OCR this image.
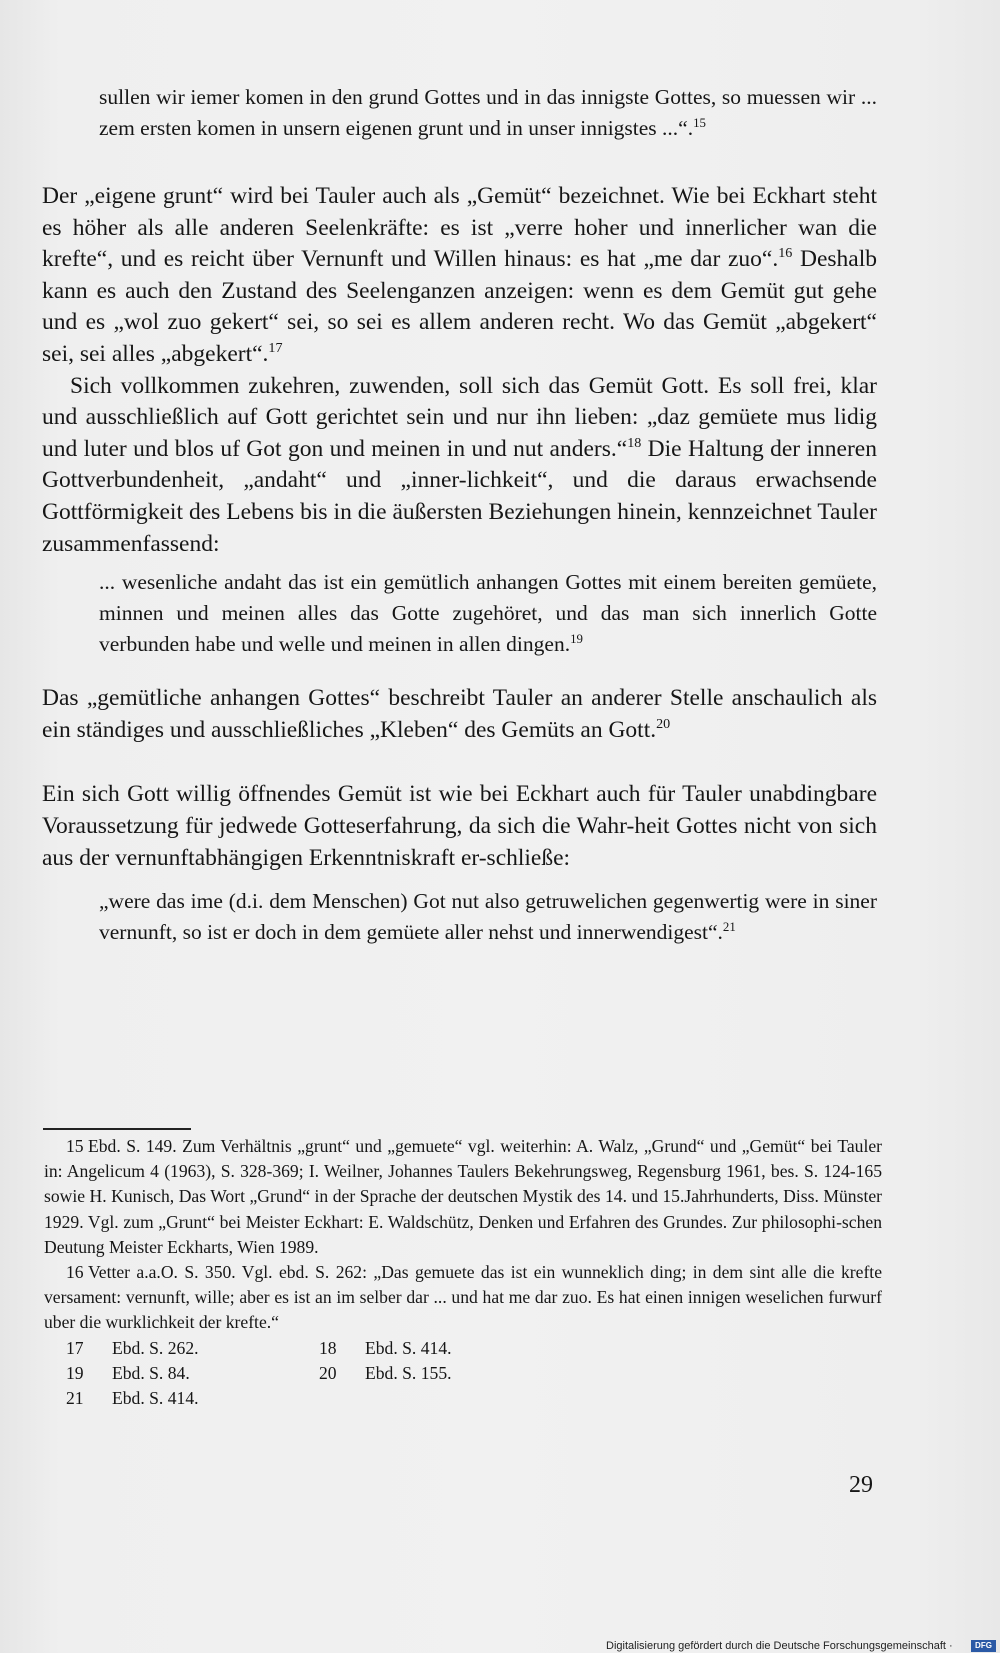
sullen wir iemer komen in den grund Gottes und in das innigste Gottes, so muessen wir ... zem ersten komen in unsern eigenen grunt und in unser innigstes ...“.$^{15}$

Der „eigene grunt“ wird bei Tauler auch als „Gemüt“ bezeichnet. Wie bei Eckhart steht es höher als alle anderen Seelenkräfte: es ist „verre hoher und innerlicher wan die krefte“, und es reicht über Vernunft und Willen hinaus: es hat „me dar zuo“.$^{16}$ Deshalb kann es auch den Zustand des Seelenganzen anzeigen: wenn es dem Gemüt gut gehe und es „wol zuo gekert“ sei, so sei es allem anderen recht. Wo das Gemüt „abgekert“ sei, sei alles „abgekert“.$^{17}$

Sich vollkommen zukehren, zuwenden, soll sich das Gemüt Gott. Es soll frei, klar und ausschließlich auf Gott gerichtet sein und nur ihn lieben: „daz gemüete mus lidig und luter und blos uf Got gon und meinen in und nut anders.“$^{18}$ Die Haltung der inneren Gottverbundenheit, „andaht“ und „inner-lichkeit“, und die daraus erwachsende Gottförmigkeit des Lebens bis in die äußersten Beziehungen hinein, kennzeichnet Tauler zusammenfassend:

... wesenliche andaht das ist ein gemütlich anhangen Gottes mit einem bereiten gemüete, minnen und meinen alles das Gotte zugehöret, und das man sich innerlich Gotte verbunden habe und welle und meinen in allen dingen.$^{19}$

Das „gemütliche anhangen Gottes“ beschreibt Tauler an anderer Stelle anschaulich als ein ständiges und ausschließliches „Kleben“ des Gemüts an Gott.$^{20}$

Ein sich Gott willig öffnendes Gemüt ist wie bei Eckhart auch für Tauler unabdingbare Voraussetzung für jedwede Gotteserfahrung, da sich die Wahr-heit Gottes nicht von sich aus der vernunftabhängigen Erkenntniskraft er-schließe:

„were das ime (d.i. dem Menschen) Got nut also getruwelichen gegenwertig were in siner vernunft, so ist er doch in dem gemüete aller nehst und innerwendigest“.$^{21}$

15 Ebd. S. 149. Zum Verhältnis „grunt“ und „gemuete“ vgl. weiterhin: A. Walz, „Grund“ und „Gemüt“ bei Tauler in: Angelicum 4 (1963), S. 328-369; I. Weilner, Johannes Taulers Bekehrungsweg, Regensburg 1961, bes. S. 124-165 sowie H. Kunisch, Das Wort „Grund“ in der Sprache der deutschen Mystik des 14. und 15.Jahrhunderts, Diss. Münster 1929. Vgl. zum „Grunt“ bei Meister Eckhart: E. Waldschütz, Denken und Erfahren des Grundes. Zur philosophi-schen Deutung Meister Eckharts, Wien 1989.

16 Vetter a.a.O. S. 350. Vgl. ebd. S. 262: „Das gemuete das ist ein wunneklich ding; in dem sint alle die krefte versament: vernunft, wille; aber es ist an im selber dar ... und hat me dar zuo. Es hat einen innigen weselichen furwurf uber die wurklichkeit der krefte.“

17	Ebd. S. 262.	18	Ebd. S. 414.
19	Ebd. S. 84.	20	Ebd. S. 155.
21	Ebd. S. 414.
29
Digitalisierung gefördert durch die Deutsche Forschungsgemeinschaft ·	DFG
